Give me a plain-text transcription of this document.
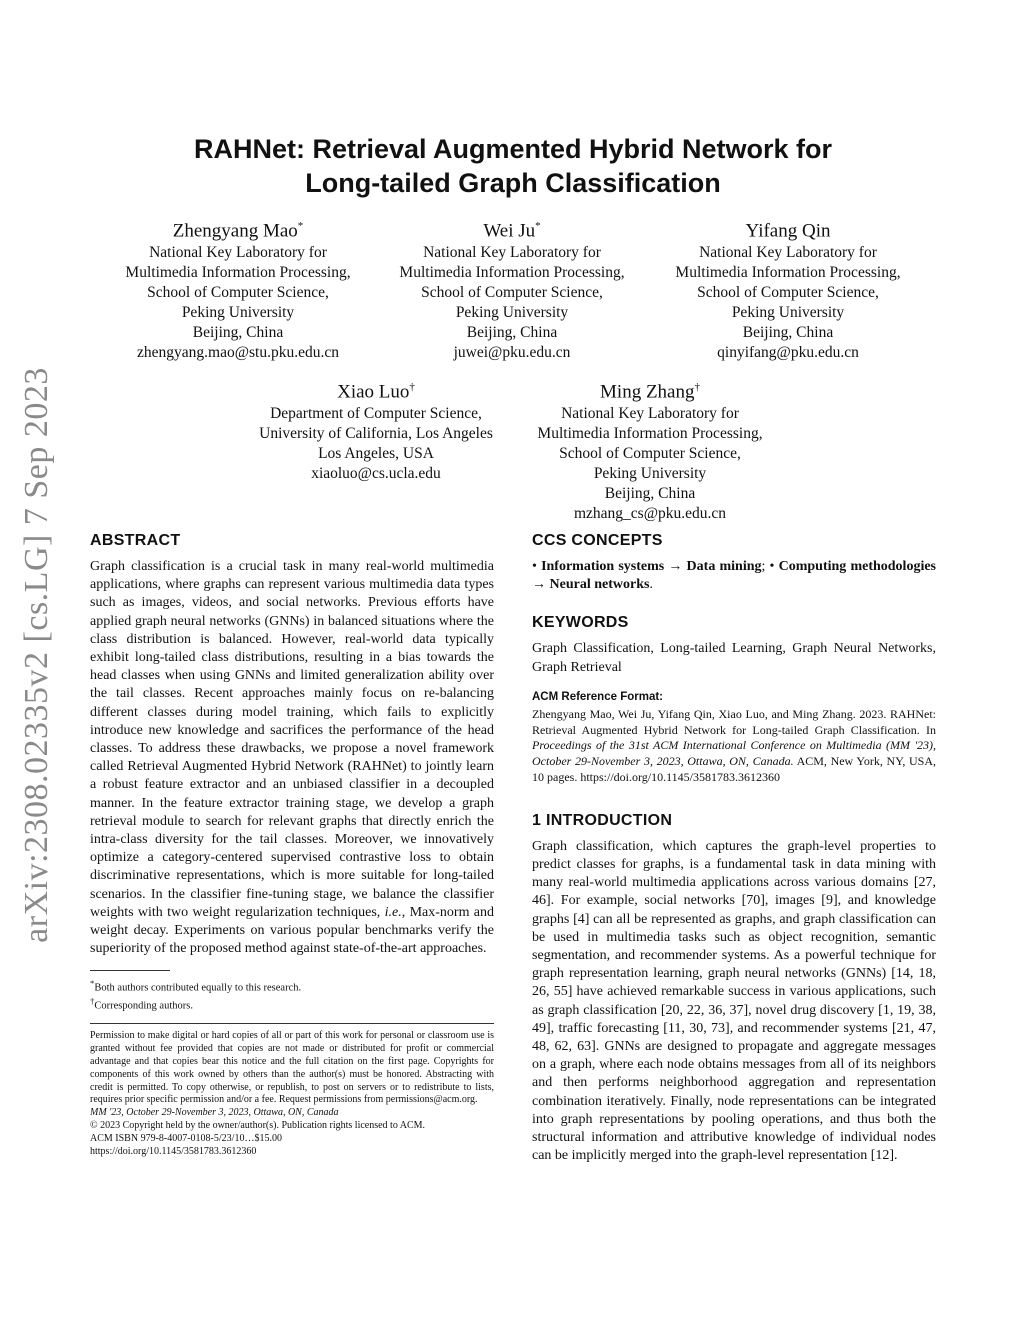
arXiv:2308.02335v2 [cs.LG] 7 Sep 2023
RAHNet: Retrieval Augmented Hybrid Network for
Long-tailed Graph Classification
Zhengyang Mao*
National Key Laboratory for
Multimedia Information Processing,
School of Computer Science,
Peking University
Beijing, China
zhengyang.mao@stu.pku.edu.cn
Wei Ju*
National Key Laboratory for
Multimedia Information Processing,
School of Computer Science,
Peking University
Beijing, China
juwei@pku.edu.cn
Yifang Qin
National Key Laboratory for
Multimedia Information Processing,
School of Computer Science,
Peking University
Beijing, China
qinyifang@pku.edu.cn
Xiao Luo†
Department of Computer Science,
University of California, Los Angeles
Los Angeles, USA
xiaoluo@cs.ucla.edu
Ming Zhang†
National Key Laboratory for
Multimedia Information Processing,
School of Computer Science,
Peking University
Beijing, China
mzhang_cs@pku.edu.cn
ABSTRACT

Graph classification is a crucial task in many real-world multimedia applications, where graphs can represent various multimedia data types such as images, videos, and social networks. Previous efforts have applied graph neural networks (GNNs) in balanced situations where the class distribution is balanced. However, real-world data typically exhibit long-tailed class distributions, resulting in a bias towards the head classes when using GNNs and limited generalization ability over the tail classes. Recent approaches mainly focus on re-balancing different classes during model training, which fails to explicitly introduce new knowledge and sacrifices the performance of the head classes. To address these drawbacks, we propose a novel framework called Retrieval Augmented Hybrid Network (RAHNet) to jointly learn a robust feature extractor and an unbiased classifier in a decoupled manner. In the feature extractor training stage, we develop a graph retrieval module to search for relevant graphs that directly enrich the intra-class diversity for the tail classes. Moreover, we innovatively optimize a category-centered supervised contrastive loss to obtain discriminative representations, which is more suitable for long-tailed scenarios. In the classifier fine-tuning stage, we balance the classifier weights with two weight regularization techniques, i.e., Max-norm and weight decay. Experiments on various popular benchmarks verify the superiority of the proposed method against state-of-the-art approaches.

*Both authors contributed equally to this research.
†Corresponding authors.

Permission to make digital or hard copies of all or part of this work for personal or classroom use is granted without fee provided that copies are not made or distributed for profit or commercial advantage and that copies bear this notice and the full citation on the first page. Copyrights for components of this work owned by others than the author(s) must be honored. Abstracting with credit is permitted. To copy otherwise, or republish, to post on servers or to redistribute to lists, requires prior specific permission and/or a fee. Request permissions from permissions@acm.org.

MM '23, October 29-November 3, 2023, Ottawa, ON, Canada

© 2023 Copyright held by the owner/author(s). Publication rights licensed to ACM.

ACM ISBN 979-8-4007-0108-5/23/10…$15.00

https://doi.org/10.1145/3581783.3612360

CCS CONCEPTS

• Information systems → Data mining; • Computing methodologies → Neural networks.

KEYWORDS

Graph Classification, Long-tailed Learning, Graph Neural Networks, Graph Retrieval

ACM Reference Format:

Zhengyang Mao, Wei Ju, Yifang Qin, Xiao Luo, and Ming Zhang. 2023. RAHNet: Retrieval Augmented Hybrid Network for Long-tailed Graph Classification. In Proceedings of the 31st ACM International Conference on Multimedia (MM '23), October 29-November 3, 2023, Ottawa, ON, Canada. ACM, New York, NY, USA, 10 pages. https://doi.org/10.1145/3581783.3612360

1 INTRODUCTION

Graph classification, which captures the graph-level properties to predict classes for graphs, is a fundamental task in data mining with many real-world multimedia applications across various domains [27, 46]. For example, social networks [70], images [9], and knowledge graphs [4] can all be represented as graphs, and graph classification can be used in multimedia tasks such as object recognition, semantic segmentation, and recommender systems. As a powerful technique for graph representation learning, graph neural networks (GNNs) [14, 18, 26, 55] have achieved remarkable success in various applications, such as graph classification [20, 22, 36, 37], novel drug discovery [1, 19, 38, 49], traffic forecasting [11, 30, 73], and recommender systems [21, 47, 48, 62, 63]. GNNs are designed to propagate and aggregate messages on a graph, where each node obtains messages from all of its neighbors and then performs neighborhood aggregation and representation combination iteratively. Finally, node representations can be integrated into graph representations by pooling operations, and thus both the structural information and attributive knowledge of individual nodes can be implicitly merged into the graph-level representation [12].
